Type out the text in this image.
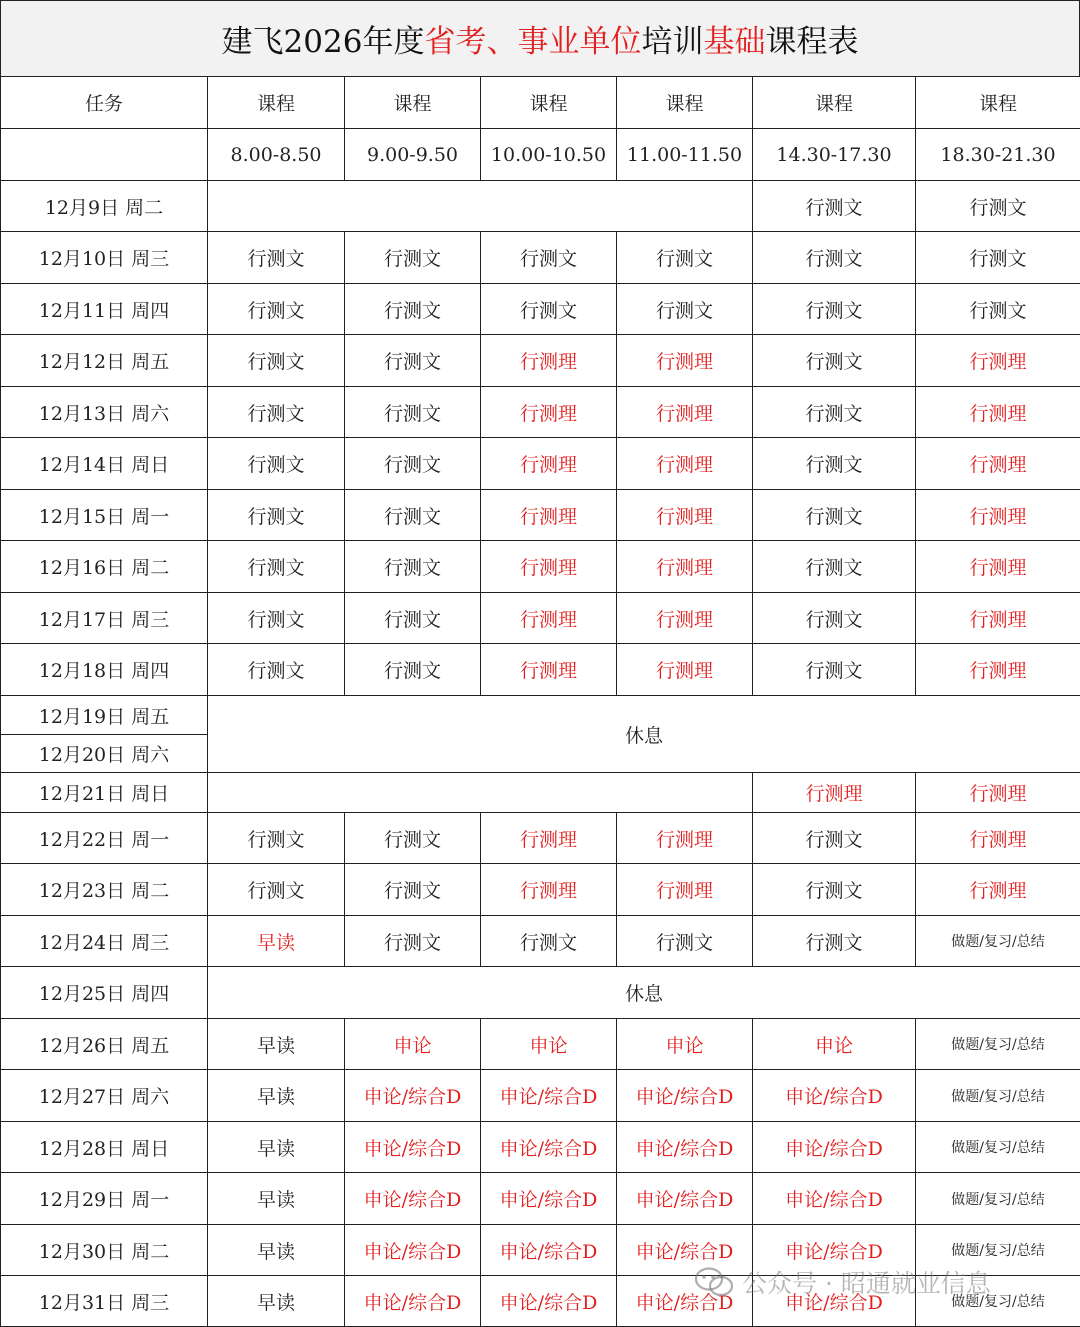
建飞2026年度 省考、事业单位 培训 基础 课程表
任务	课程	课程	课程	课程	课程	课程
	8.00-8.50	9.00-9.50	10.00-10.50	11.00-11.50	14.30-17.30	18.30-21.30
12月9日 周二					行测文	行测文
12月10日 周三	行测文	行测文	行测文	行测文	行测文	行测文
12月11日 周四	行测文	行测文	行测文	行测文	行测文	行测文
12月12日 周五	行测文	行测文	行测理	行测理	行测文	行测理
12月13日 周六	行测文	行测文	行测理	行测理	行测文	行测理
12月14日 周日	行测文	行测文	行测理	行测理	行测文	行测理
12月15日 周一	行测文	行测文	行测理	行测理	行测文	行测理
12月16日 周二	行测文	行测文	行测理	行测理	行测文	行测理
12月17日 周三	行测文	行测文	行测理	行测理	行测文	行测理
12月18日 周四	行测文	行测文	行测理	行测理	行测文	行测理
12月19日 周五	休息					
12月20日 周六						
12月21日 周日					行测理	行测理
12月22日 周一	行测文	行测文	行测理	行测理	行测文	行测理
12月23日 周二	行测文	行测文	行测理	行测理	行测文	行测理
12月24日 周三	早读	行测文	行测文	行测文	行测文	做题/复习/总结
12月25日 周四	休息					
12月26日 周五	早读	申论	申论	申论	申论	做题/复习/总结
12月27日 周六	早读	申论/综合D	申论/综合D	申论/综合D	申论/综合D	做题/复习/总结
12月28日 周日	早读	申论/综合D	申论/综合D	申论/综合D	申论/综合D	做题/复习/总结
12月29日 周一	早读	申论/综合D	申论/综合D	申论/综合D	申论/综合D	做题/复习/总结
12月30日 周二	早读	申论/综合D	申论/综合D	申论/综合D	申论/综合D	做题/复习/总结
12月31日 周三	早读	申论/综合D	申论/综合D	申论/综合D	申论/综合D	做题/复习/总结
公众号 · 昭通就业信息
